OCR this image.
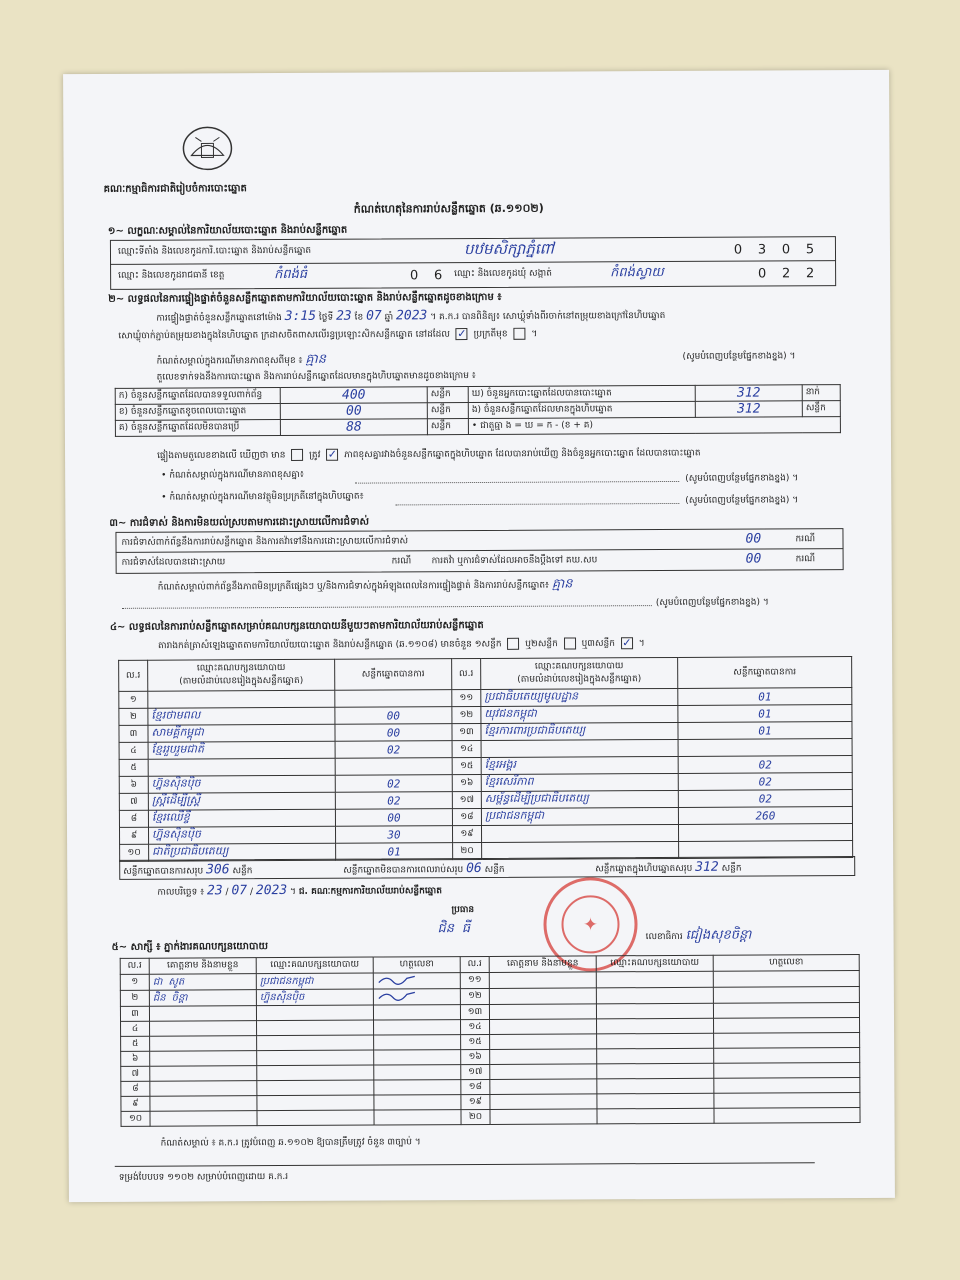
គណៈកម្មាធិការជាតិរៀបចំការបោះឆ្នោត
កំណត់ហេតុនៃការរាប់សន្លឹកឆ្នោត (ឆ.១១០២)
១~ លក្ខណៈសម្គាល់នៃការិយាល័យបោះឆ្នោត និងរាប់សន្លឹកឆ្នោត
ឈ្មោះទីតាំង និងលេខកូដការិ.បោះឆ្នោត និងរាប់សន្លឹកឆ្នោត	បឋមសិក្សាភ្នំពៅ	0 3 0 5
ឈ្មោះ និងលេខកូដរាជធានី ខេត្ត	កំពង់ធំ	0 6	ឈ្មោះ និងលេខកូដឃុំ សង្កាត់	កំពង់ស្វាយ	0 2 2
២~ លទ្ធផលនៃការផ្ទៀងផ្ទាត់ចំនួនសន្លឹកឆ្នោតតាមការិយាល័យបោះឆ្នោត និងរាប់សន្លឹកឆ្នោតដូចខាងក្រោម ៖
ការផ្ទៀងផ្ទាត់ចំនួនសន្លឹកឆ្នោតនៅម៉ោង 3:15 ថ្ងៃទី 23 ខែ 07 ឆ្នាំ 2023 ។ គ.ក.រ បានពិនិត្យ៖ សោឃ្លុំទាំងពីរចាក់នៅតម្រុយខាងក្រៅនៃហិបឆ្នោត
សោឃ្លុំចាក់ភ្ជាប់តម្រុយខាងក្នុងនៃហិបឆ្នោត ក្រដាសចិតពាសលើរន្ធប្រឡោះសិកសន្លឹកឆ្នោត នៅដដែល ✓ ប្រក្រតីមុខ  ។
កំណត់សម្គាល់ក្នុងករណីមានភាពខុសពីមុខ ៖ គ្មាន	(សូមបំពេញបន្ថែមផ្នែកខាងខ្នង) ។
តួលេខទាក់ទងនឹងការបោះឆ្នោត និងការរាប់សន្លឹកឆ្នោតដែលមានក្នុងហិបឆ្នោតមានដូចខាងក្រោម ៖
ក) ចំនួនសន្លឹកឆ្នោតដែលបានទទួលពាក់ព័ន្ធ	400	សន្លឹក	ឃ) ចំនួនអ្នកបោះឆ្នោតដែលបានបោះឆ្នោត	312	នាក់
ខ) ចំនួនសន្លឹកឆ្នោតខូចពេលបោះឆ្នោត	00	សន្លឹក	ង) ចំនួនសន្លឹកឆ្នោតដែលមានក្នុងហិបឆ្នោត	312	សន្លឹក
គ) ចំនួនសន្លឹកឆ្នោតដែលមិនបានប្រើ	88	សន្លឹក	• ជាតួធ្មា ង = ឃ = ក - (ខ + គ)		
ផ្ទៀងតាមតួលេខខាងលើ ឃើញថា មាន	ត្រូវ ✓ ភាពខុសគ្នារវាងចំនួនសន្លឹកឆ្នោតក្នុងហិបឆ្នោត ដែលបានរាប់ឃើញ និងចំនួនអ្នកបោះឆ្នោត ដែលបានបោះឆ្នោត
• កំណត់សម្គាល់ក្នុងករណីមានភាពខុសគ្នា៖	(សូមបំពេញបន្ថែមផ្នែកខាងខ្នង) ។
• កំណត់សម្គាល់ក្នុងករណីមានវត្ថុមិនប្រក្រតីនៅក្នុងហិបឆ្នោត៖	(សូមបំពេញបន្ថែមផ្នែកខាងខ្នង) ។
៣~ ការជំទាស់ និងការមិនយល់ស្របតាមការដោះស្រាយលើការជំទាស់
ការជំទាស់ពាក់ព័ន្ធនឹងការរាប់សន្លឹកឆ្នោត និងការតវ៉ាទៅនឹងការដោះស្រាយលើការជំទាស់	00	ករណី
ការជំទាស់ដែលបានដោះស្រាយ	ករណី ការតវ៉ា ឬការជំទាស់ដែលអាចនឹងប្ដឹងទៅ គឃ.សប	00	ករណី
កំណត់សម្គាល់ពាក់ព័ន្ធនឹងភាពមិនប្រក្រតីផ្សេងៗ ឬ/និងការជំទាស់ក្នុងអំឡុងពេលនៃការផ្ទៀងផ្ទាត់ និងការរាប់សន្លឹកឆ្នោត៖ គ្មាន
(សូមបំពេញបន្ថែមផ្នែកខាងខ្នង) ។
៤~ លទ្ធផលនៃការរាប់សន្លឹកឆ្នោតសម្រាប់គណបក្សនយោបាយនីមួយៗតាមការិយាល័យរាប់សន្លឹកឆ្នោត
តារាងកត់ត្រាសំឡេងឆ្នោតតាមការិយាល័យបោះឆ្នោត និងរាប់សន្លឹកឆ្នោត (ឆ.១១០៨) មានចំនួន ១សន្លឹក	ឬ២សន្លឹក	ឬ៣សន្លឹក ✓ ។
ល.រ	ឈ្មោះគណបក្សនយោបាយ
(តាមលំដាប់លេខរៀងក្នុងសន្លឹកឆ្នោត)	សន្លឹកឆ្នោតបានការ	ល.រ	ឈ្មោះគណបក្សនយោបាយ
(តាមលំដាប់លេខរៀងក្នុងសន្លឹកឆ្នោត)	សន្លឹកឆ្នោតបានការ
១			១១	ប្រជាធិបតេយ្យមូលដ្ឋាន	01
២	ខ្មែរថាមពល	00	១២	យុវជនកម្ពុជា	01
៣	សាមគ្គីកម្ពុជា	00	១៣	ខ្មែរការពារប្រជាធិបតេយ្យ	01
៤	ខ្មែររួបរួមជាតិ	02	១៤		
៥			១៥	ខ្មែរអង្គរ	02
៦	ហ្វ៊ុនស៊ិនប៉ិច	02	១៦	ខ្មែរសេរីភាព	02
៧	ស្រ្តីដើម្បីស្ត្រី	02	១៧	សម្ព័ន្ធដើម្បីប្រជាធិបតេយ្យ	02
៨	ខ្មែរឈើខ្ចី	00	១៨	ប្រជាជនកម្ពុជា	260
៩	ហ្វ៊ុនស៊ិនប៉ិច	30	១៩		
១០	ជាតិប្រជាធិបតេយ្យ	01	២០		
សន្លឹកឆ្នោតបានការសរុប 306 សន្លឹក	សន្លឹកឆ្នោតមិនបានការពេលរាប់សរុប 06 សន្លឹក	សន្លឹកឆ្នោតក្នុងហិបឆ្នោតសរុប 312 សន្លឹក
កាលបរិច្ឆេទ ៖ 23 / 07 / 2023 ។ ជ. គណៈកម្មការការិយាល័យរាប់សន្លឹកឆ្នោត
ប្រធាន
ជិន ធី	✦
លេខាធិការ ជៀងសុខចិន្ដា
៥~ សាក្សី ៖ ភ្នាក់ងារគណបក្សនយោបាយ
ល.រ	គោត្តនាម និងនាមខ្លួន	ឈ្មោះគណបក្សនយោបាយ	ហត្ថលេខា	ល.រ	គោត្តនាម និងនាមខ្លួន	ឈ្មោះគណបក្សនយោបាយ	ហត្ថលេខា
១	ជា សូត	ប្រជាជនកម្ពុជា		១១			
២	ជិន ចិន្ដា	ហ្វ៊ុនស៊ិនប៉ិច		១២			
៣				១៣			
៤				១៤			
៥				១៥			
៦				១៦			
៧				១៧			
៨				១៨			
៩				១៩			
១០				២០			
កំណត់សម្គាល់ ៖ គ.ក.រ ត្រូវបំពេញ ឆ.១១០២ ឱ្យបានត្រឹមត្រូវ ចំនួន ៣ច្បាប់ ។
ទម្រង់បែបបទ ១១០២ សម្រាប់បំពេញដោយ គ.ក.រ
